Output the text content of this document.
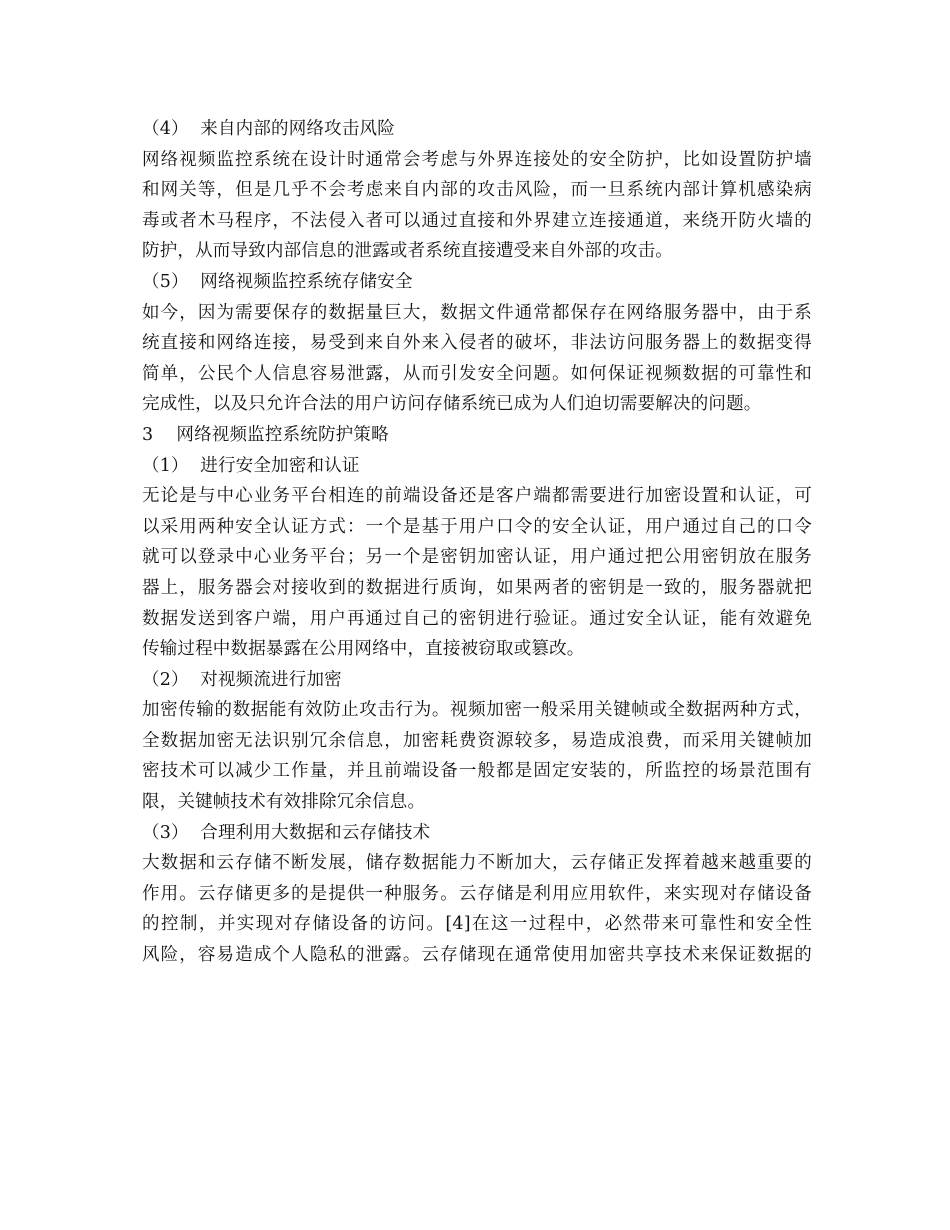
（4）  来自内部的网络攻击风险
网络视频监控系统在设计时通常会考虑与外界连接处的安全防护，比如设置防护墙
和网关等，但是几乎不会考虑来自内部的攻击风险，而一旦系统内部计算机感染病
毒或者木马程序，不法侵入者可以通过直接和外界建立连接通道，来绕开防火墙的
防护，从而导致内部信息的泄露或者系统直接遭受来自外部的攻击。
（5）  网络视频监控系统存储安全
如今，因为需要保存的数据量巨大，数据文件通常都保存在网络服务器中，由于系
统直接和网络连接，易受到来自外来入侵者的破坏，非法访问服务器上的数据变得
简单，公民个人信息容易泄露，从而引发安全问题。如何保证视频数据的可靠性和
完成性，以及只允许合法的用户访问存储系统已成为人们迫切需要解决的问题。
3    网络视频监控系统防护策略
（1）  进行安全加密和认证
无论是与中心业务平台相连的前端设备还是客户端都需要进行加密设置和认证，可
以采用两种安全认证方式：一个是基于用户口令的安全认证，用户通过自己的口令
就可以登录中心业务平台；另一个是密钥加密认证，用户通过把公用密钥放在服务
器上，服务器会对接收到的数据进行质询，如果两者的密钥是一致的，服务器就把
数据发送到客户端，用户再通过自己的密钥进行验证。通过安全认证，能有效避免
传输过程中数据暴露在公用网络中，直接被窃取或篡改。
（2）  对视频流进行加密
加密传输的数据能有效防止攻击行为。视频加密一般采用关键帧或全数据两种方式，
全数据加密无法识别冗余信息，加密耗费资源较多，易造成浪费，而采用关键帧加
密技术可以减少工作量，并且前端设备一般都是固定安装的，所监控的场景范围有
限，关键帧技术有效排除冗余信息。
（3）  合理利用大数据和云存储技术
大数据和云存储不断发展，储存数据能力不断加大，云存储正发挥着越来越重要的
作用。云存储更多的是提供一种服务。云存储是利用应用软件，来实现对存储设备
的控制，并实现对存储设备的访问。[4]在这一过程中，必然带来可靠性和安全性
风险，容易造成个人隐私的泄露。云存储现在通常使用加密共享技术来保证数据的
